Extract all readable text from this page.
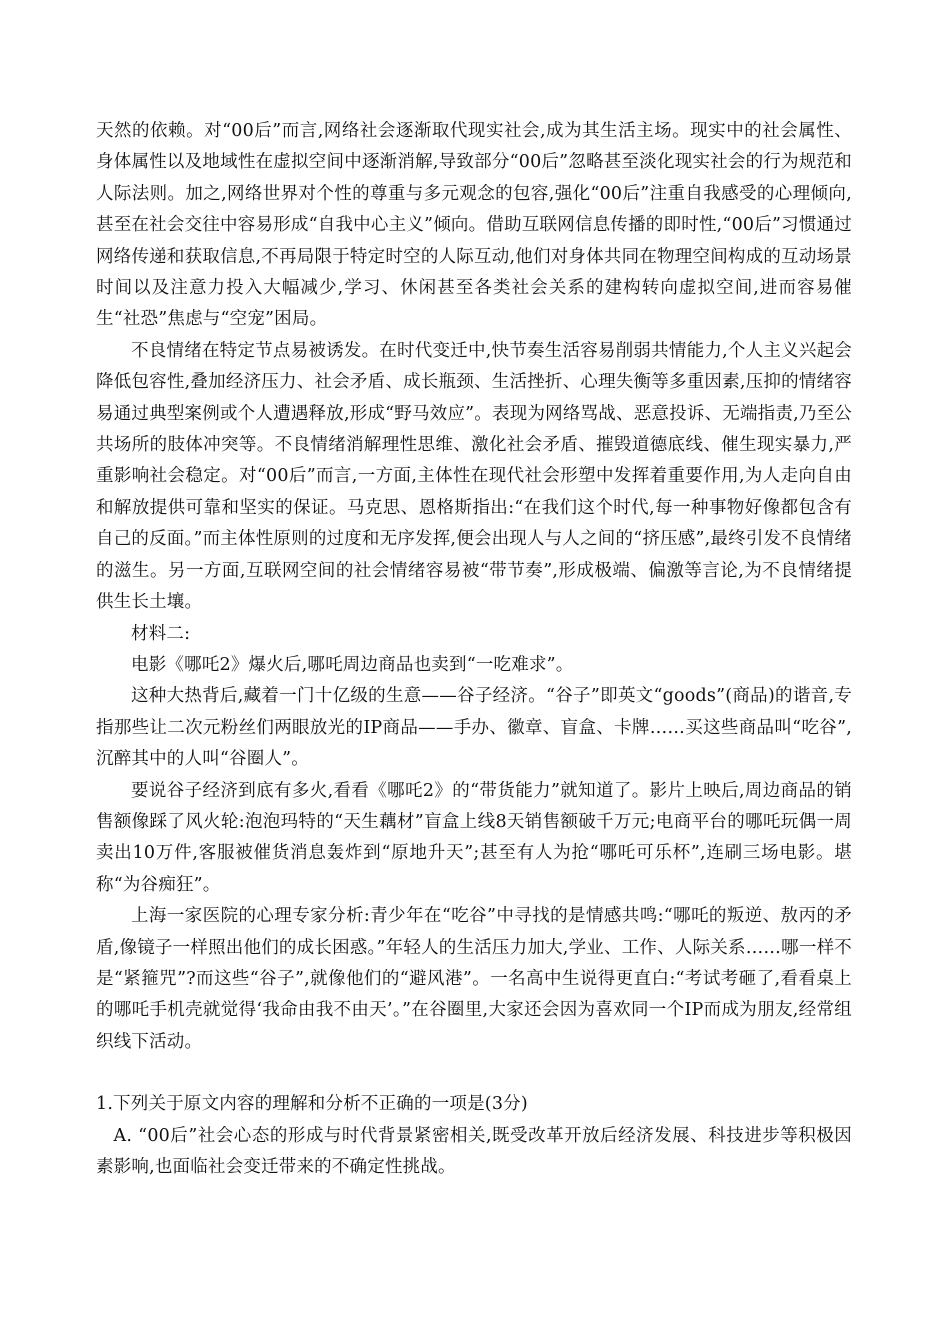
天然的依赖。对“00后”而言,网络社会逐渐取代现实社会,成为其生活主场。现实中的社会属性、身体属性以及地域性在虚拟空间中逐渐消解,导致部分“00后”忽略甚至淡化现实社会的行为规范和人际法则。加之,网络世界对个性的尊重与多元观念的包容,强化“00后”注重自我感受的心理倾向,甚至在社会交往中容易形成“自我中心主义”倾向。借助互联网信息传播的即时性,“00后”习惯通过网络传递和获取信息,不再局限于特定时空的人际互动,他们对身体共同在物理空间构成的互动场景时间以及注意力投入大幅减少,学习、休闲甚至各类社会关系的建构转向虚拟空间,进而容易催生“社恐”焦虑与“空宠”困局。

不良情绪在特定节点易被诱发。在时代变迁中,快节奏生活容易削弱共情能力,个人主义兴起会降低包容性,叠加经济压力、社会矛盾、成长瓶颈、生活挫折、心理失衡等多重因素,压抑的情绪容易通过典型案例或个人遭遇释放,形成“野马效应”。表现为网络骂战、恶意投诉、无端指责,乃至公共场所的肢体冲突等。不良情绪消解理性思维、激化社会矛盾、摧毁道德底线、催生现实暴力,严重影响社会稳定。对“00后”而言,一方面,主体性在现代社会形塑中发挥着重要作用,为人走向自由和解放提供可靠和坚实的保证。马克思、恩格斯指出:“在我们这个时代,每一种事物好像都包含有自己的反面。”而主体性原则的过度和无序发挥,便会出现人与人之间的“挤压感”,最终引发不良情绪的滋生。另一方面,互联网空间的社会情绪容易被“带节奏”,形成极端、偏激等言论,为不良情绪提供生长土壤。

材料二:

电影《哪吒2》爆火后,哪吒周边商品也卖到“一吃难求”。

这种大热背后,藏着一门十亿级的生意——谷子经济。“谷子”即英文“goods”(商品)的谐音,专指那些让二次元粉丝们两眼放光的IP商品——手办、徽章、盲盒、卡牌……买这些商品叫“吃谷”,沉醉其中的人叫“谷圈人”。

要说谷子经济到底有多火,看看《哪吒2》的“带货能力”就知道了。影片上映后,周边商品的销售额像踩了风火轮:泡泡玛特的“天生藕材”盲盒上线8天销售额破千万元;电商平台的哪吒玩偶一周卖出10万件,客服被催货消息轰炸到“原地升天”;甚至有人为抢“哪吒可乐杯”,连刷三场电影。堪称“为谷痴狂”。

上海一家医院的心理专家分析:青少年在“吃谷”中寻找的是情感共鸣:“哪吒的叛逆、敖丙的矛盾,像镜子一样照出他们的成长困惑。”年轻人的生活压力加大,学业、工作、人际关系……哪一样不是“紧箍咒”?而这些“谷子”,就像他们的“避风港”。一名高中生说得更直白:“考试考砸了,看看桌上的哪吒手机壳就觉得‘我命由我不由天’。”在谷圈里,大家还会因为喜欢同一个IP而成为朋友,经常组织线下活动。

1.下列关于原文内容的理解和分析不正确的一项是(3分)

A. “00后”社会心态的形成与时代背景紧密相关,既受改革开放后经济发展、科技进步等积极因素影响,也面临社会变迁带来的不确定性挑战。
